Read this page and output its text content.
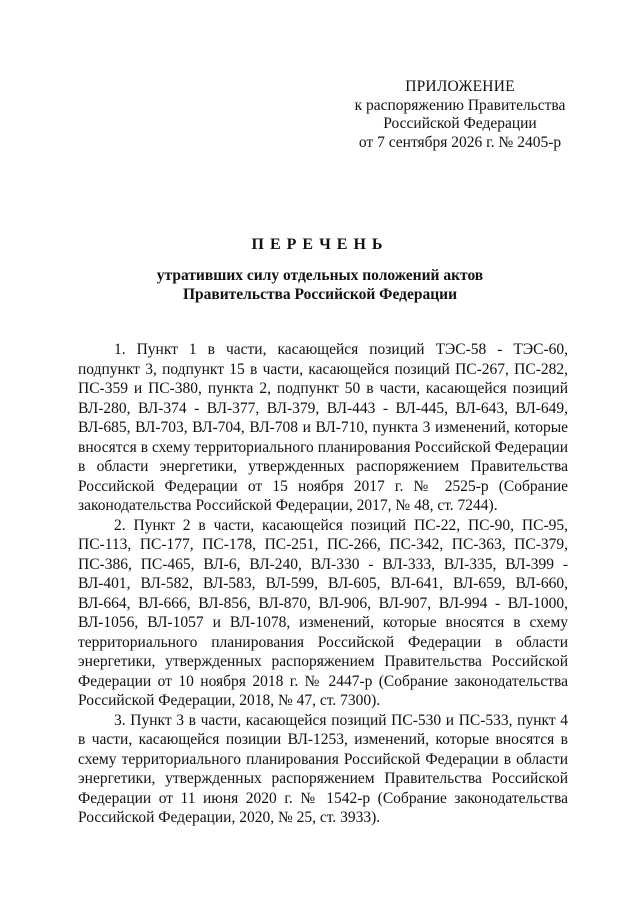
ПРИЛОЖЕНИЕ
к распоряжению Правительства
Российской Федерации
от 7 сентября 2026 г. № 2405-р
ПЕРЕЧЕНЬ
утративших силу отдельных положений актов
Правительства Российской Федерации

1. Пункт 1 в части, касающейся позиций ТЭС-58 - ТЭС-60, подпункт 3, подпункт 15 в части, касающейся позиций ПС-267, ПС-282, ПС-359 и ПС-380, пункта 2, подпункт 50 в части, касающейся позиций ВЛ-280, ВЛ-374 - ВЛ-377, ВЛ-379, ВЛ-443 - ВЛ-445, ВЛ-643, ВЛ-649, ВЛ-685, ВЛ-703, ВЛ-704, ВЛ-708 и ВЛ-710, пункта 3 изменений, которые вносятся в схему территориального планирования Российской Федерации в области энергетики, утвержденных распоряжением Правительства Российской Федерации от 15 ноября 2017 г. № 2525-р (Собрание законодательства Российской Федерации, 2017, № 48, ст. 7244).

2. Пункт 2 в части, касающейся позиций ПС-22, ПС-90, ПС-95, ПС-113, ПС-177, ПС-178, ПС-251, ПС-266, ПС-342, ПС-363, ПС-379, ПС-386, ПС-465, ВЛ-6, ВЛ-240, ВЛ-330 - ВЛ-333, ВЛ-335, ВЛ-399 - ВЛ-401, ВЛ-582, ВЛ-583, ВЛ-599, ВЛ-605, ВЛ-641, ВЛ-659, ВЛ-660, ВЛ-664, ВЛ-666, ВЛ-856, ВЛ-870, ВЛ-906, ВЛ-907, ВЛ-994 - ВЛ-1000, ВЛ-1056, ВЛ-1057 и ВЛ-1078, изменений, которые вносятся в схему территориального планирования Российской Федерации в области энергетики, утвержденных распоряжением Правительства Российской Федерации от 10 ноября 2018 г. № 2447-р (Собрание законодательства Российской Федерации, 2018, № 47, ст. 7300).

3. Пункт 3 в части, касающейся позиций ПС-530 и ПС-533, пункт 4 в части, касающейся позиции ВЛ-1253, изменений, которые вносятся в схему территориального планирования Российской Федерации в области энергетики, утвержденных распоряжением Правительства Российской Федерации от 11 июня 2020 г. № 1542-р (Собрание законодательства Российской Федерации, 2020, № 25, ст. 3933).
